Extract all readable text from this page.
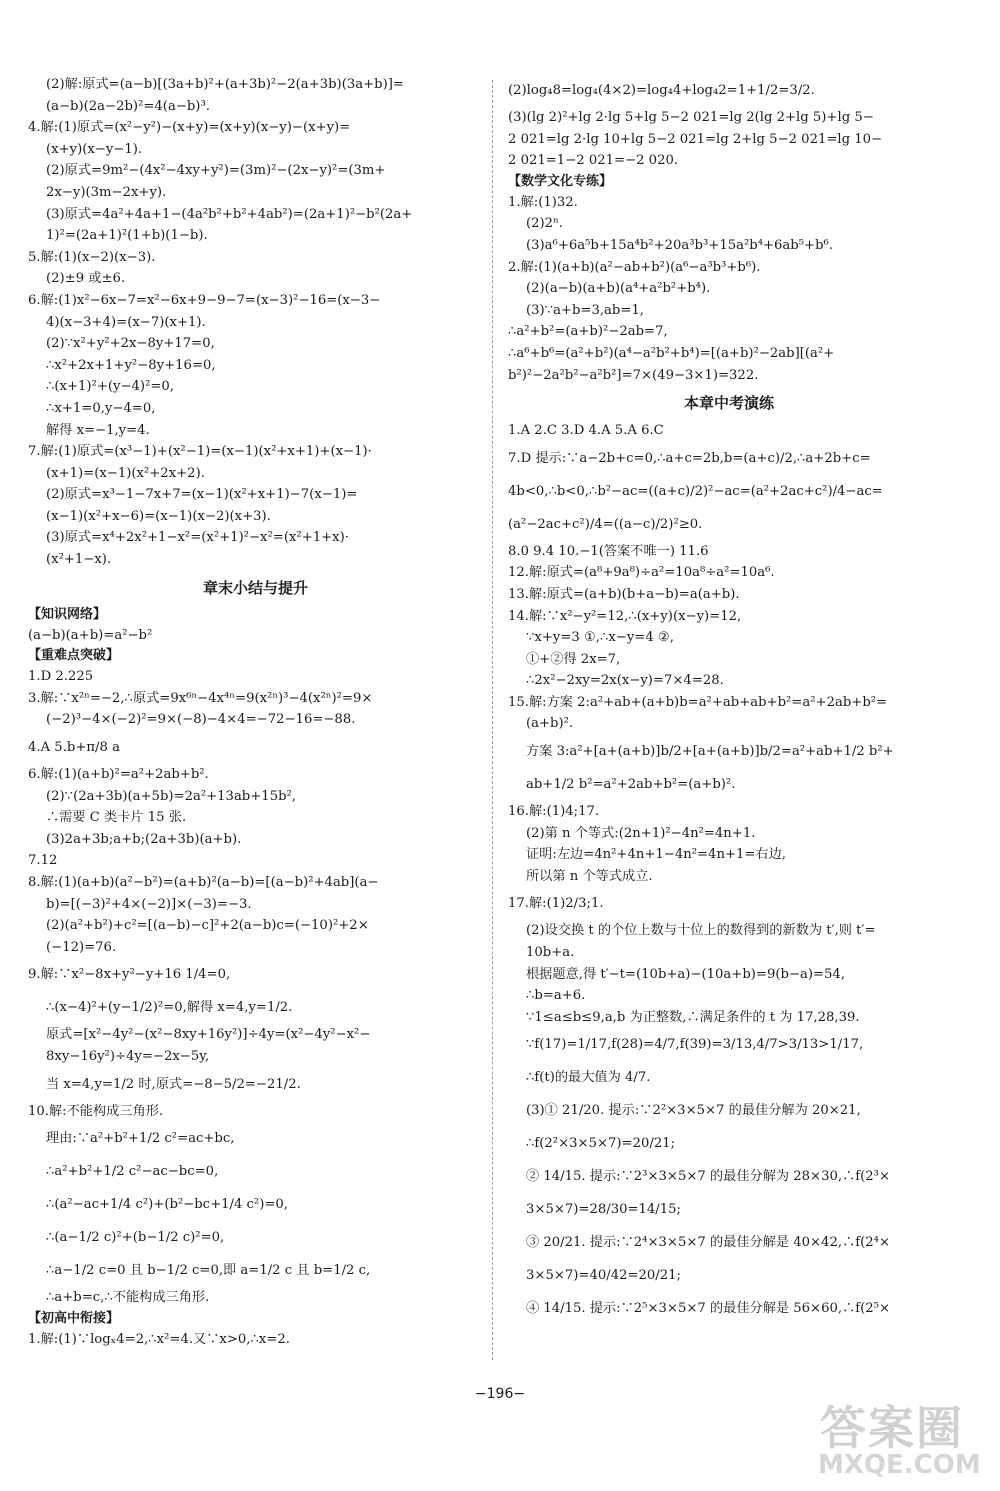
(2)解:原式=(a−b)[(3a+b)²+(a+3b)²−2(a+3b)(3a+b)]=
(a−b)(2a−2b)²=4(a−b)³.
4.解:(1)原式=(x²−y²)−(x+y)=(x+y)(x−y)−(x+y)=
(x+y)(x−y−1).
(2)原式=9m²−(4x²−4xy+y²)=(3m)²−(2x−y)²=(3m+
2x−y)(3m−2x+y).
(3)原式=4a²+4a+1−(4a²b²+b²+4ab²)=(2a+1)²−b²(2a+
1)²=(2a+1)²(1+b)(1−b).
5.解:(1)(x−2)(x−3).
(2)±9 或±6.
6.解:(1)x²−6x−7=x²−6x+9−9−7=(x−3)²−16=(x−3−
4)(x−3+4)=(x−7)(x+1).
(2)∵x²+y²+2x−8y+17=0,
∴x²+2x+1+y²−8y+16=0,
∴(x+1)²+(y−4)²=0,
∴x+1=0,y−4=0,
解得 x=−1,y=4.
7.解:(1)原式=(x³−1)+(x²−1)=(x−1)(x²+x+1)+(x−1)·
(x+1)=(x−1)(x²+2x+2).
(2)原式=x³−1−7x+7=(x−1)(x²+x+1)−7(x−1)=
(x−1)(x²+x−6)=(x−1)(x−2)(x+3).
(3)原式=x⁴+2x²+1−x²=(x²+1)²−x²=(x²+1+x)·
(x²+1−x).
章末小结与提升
【知识网络】
(a−b)(a+b)=a²−b²
【重难点突破】
1.D 2.225
3.解:∵x²ⁿ=−2,∴原式=9x⁶ⁿ−4x⁴ⁿ=9(x²ⁿ)³−4(x²ⁿ)²=9×
(−2)³−4×(−2)²=9×(−8)−4×4=−72−16=−88.
4.A 5.b+π/8 a
6.解:(1)(a+b)²=a²+2ab+b².
(2)∵(2a+3b)(a+5b)=2a²+13ab+15b²,
∴需要 C 类卡片 15 张.
(3)2a+3b;a+b;(2a+3b)(a+b).
7.12
8.解:(1)(a+b)(a²−b²)=(a+b)²(a−b)=[(a−b)²+4ab](a−
b)=[(−3)²+4×(−2)]×(−3)=−3.
(2)(a²+b²)+c²=[(a−b)−c]²+2(a−b)c=(−10)²+2×
(−12)=76.
9.解:∵x²−8x+y²−y+16 1/4=0,
∴(x−4)²+(y−1/2)²=0,解得 x=4,y=1/2.
原式=[x²−4y²−(x²−8xy+16y²)]÷4y=(x²−4y²−x²−
8xy−16y²)÷4y=−2x−5y,
当 x=4,y=1/2 时,原式=−8−5/2=−21/2.
10.解:不能构成三角形.
理由:∵a²+b²+1/2 c²=ac+bc,
∴a²+b²+1/2 c²−ac−bc=0,
∴(a²−ac+1/4 c²)+(b²−bc+1/4 c²)=0,
∴(a−1/2 c)²+(b−1/2 c)²=0,
∴a−1/2 c=0 且 b−1/2 c=0,即 a=1/2 c 且 b=1/2 c,
∴a+b=c,∴不能构成三角形.
【初高中衔接】
1.解:(1)∵logₓ4=2,∴x²=4.又∵x>0,∴x=2.
(2)log₄8=log₄(4×2)=log₄4+log₄2=1+1/2=3/2.
(3)(lg 2)²+lg 2·lg 5+lg 5−2 021=lg 2(lg 2+lg 5)+lg 5−
2 021=lg 2·lg 10+lg 5−2 021=lg 2+lg 5−2 021=lg 10−
2 021=1−2 021=−2 020.
【数学文化专练】
1.解:(1)32.
(2)2ⁿ.
(3)a⁶+6a⁵b+15a⁴b²+20a³b³+15a²b⁴+6ab⁵+b⁶.
2.解:(1)(a+b)(a²−ab+b²)(a⁶−a³b³+b⁶).
(2)(a−b)(a+b)(a⁴+a²b²+b⁴).
(3)∵a+b=3,ab=1,
∴a²+b²=(a+b)²−2ab=7,
∴a⁶+b⁶=(a²+b²)(a⁴−a²b²+b⁴)=[(a+b)²−2ab][(a²+
b²)²−2a²b²−a²b²]=7×(49−3×1)=322.
本章中考演练
1.A 2.C 3.D 4.A 5.A 6.C
7.D 提示:∵a−2b+c=0,∴a+c=2b,b=(a+c)/2,∴a+2b+c=
4b<0,∴b<0,∴b²−ac=((a+c)/2)²−ac=(a²+2ac+c²)/4−ac=
(a²−2ac+c²)/4=((a−c)/2)²≥0.
8.0 9.4 10.−1(答案不唯一) 11.6
12.解:原式=(a⁸+9a⁸)÷a²=10a⁸÷a²=10a⁶.
13.解:原式=(a+b)(b+a−b)=a(a+b).
14.解:∵x²−y²=12,∴(x+y)(x−y)=12,
∵x+y=3 ①,∴x−y=4 ②,
①+②得 2x=7,
∴2x²−2xy=2x(x−y)=7×4=28.
15.解:方案 2:a²+ab+(a+b)b=a²+ab+ab+b²=a²+2ab+b²=
(a+b)².
方案 3:a²+[a+(a+b)]b/2+[a+(a+b)]b/2=a²+ab+1/2 b²+
ab+1/2 b²=a²+2ab+b²=(a+b)².
16.解:(1)4;17.
(2)第 n 个等式:(2n+1)²−4n²=4n+1.
证明:左边=4n²+4n+1−4n²=4n+1=右边,
所以第 n 个等式成立.
17.解:(1)2/3;1.
(2)设交换 t 的个位上数与十位上的数得到的新数为 t′,则 t′=
10b+a.
根据题意,得 t′−t=(10b+a)−(10a+b)=9(b−a)=54,
∴b=a+6.
∵1≤a≤b≤9,a,b 为正整数,∴满足条件的 t 为 17,28,39.
∵f(17)=1/17,f(28)=4/7,f(39)=3/13,4/7>3/13>1/17,
∴f(t)的最大值为 4/7.
(3)① 21/20. 提示:∵2²×3×5×7 的最佳分解为 20×21,
∴f(2²×3×5×7)=20/21;
② 14/15. 提示:∵2³×3×5×7 的最佳分解为 28×30,∴f(2³×
3×5×7)=28/30=14/15;
③ 20/21. 提示:∵2⁴×3×5×7 的最佳分解是 40×42,∴f(2⁴×
3×5×7)=40/42=20/21;
④ 14/15. 提示:∵2⁵×3×5×7 的最佳分解是 56×60,∴f(2⁵×
−196−
答案圈
MXQE.COM
